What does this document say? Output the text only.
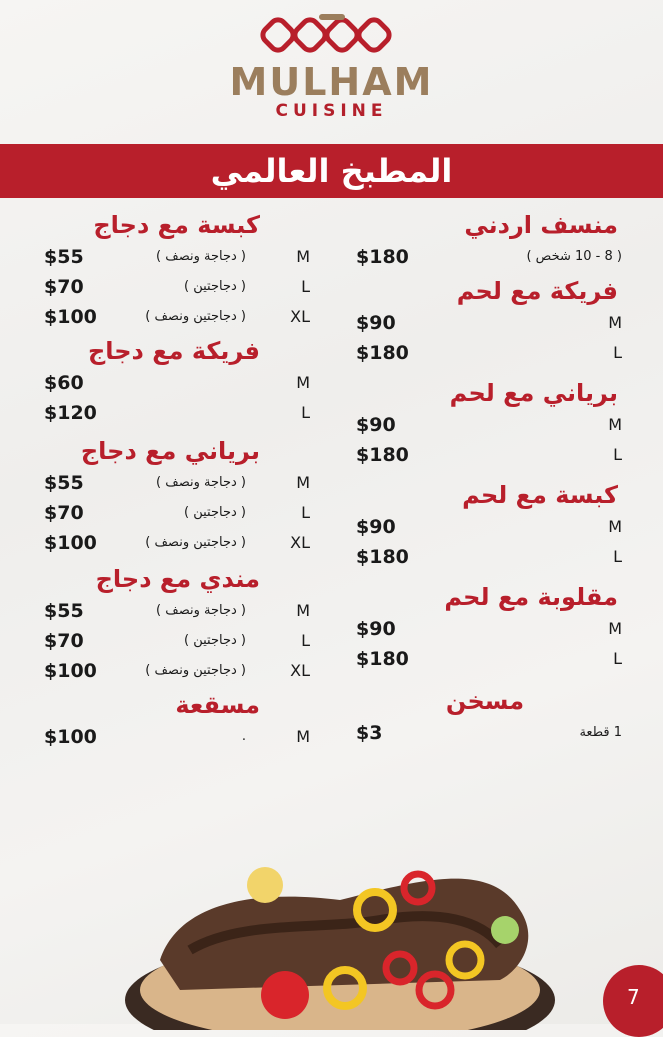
MULHAM
CUISINE
المطبخ العالمي
كبسة مع دجاج
$55	( دجاجة ونصف )	M
$70	( دجاجتين )	L
$100	( دجاجتين ونصف )	XL
فريكة مع دجاج
$60	M
$120	L
برياني مع دجاج
$55	( دجاجة ونصف )	M
$70	( دجاجتين )	L
$100	( دجاجتين ونصف )	XL
مندي مع دجاج
$55	( دجاجة ونصف )	M
$70	( دجاجتين )	L
$100	( دجاجتين ونصف )	XL
مسقعة
$100	.	M
منسف اردني
$180	( 8 - 10 شخص )
فريكة مع لحم
$90	M
$180	L
برياني مع لحم
$90	M
$180	L
كبسة مع لحم
$90	M
$180	L
مقلوبة مع لحم
$90	M
$180	L
مسخن
$3	1 قطعة
7
